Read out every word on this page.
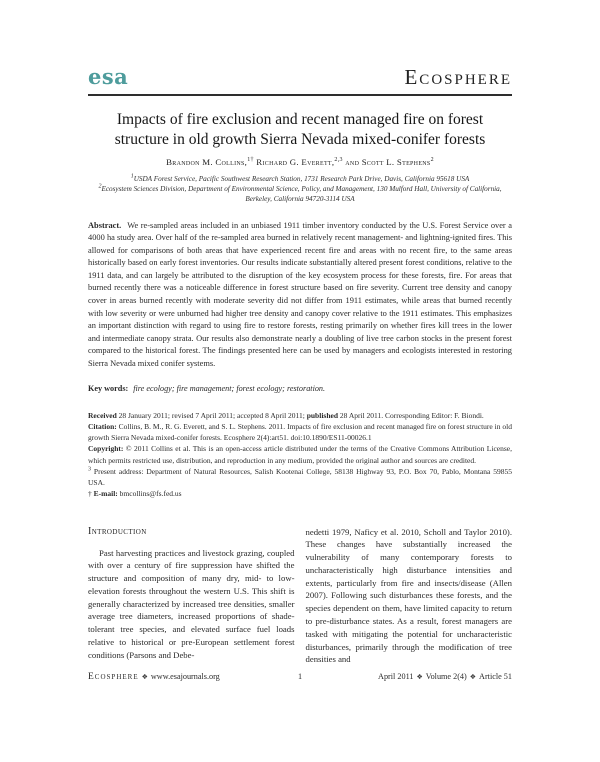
esa	Ecosphere
Impacts of fire exclusion and recent managed fire on forest structure in old growth Sierra Nevada mixed-conifer forests
Brandon M. Collins,$^{1\dagger}$ Richard G. Everett,$^{2,3}$ and Scott L. Stephens$^2$
$^1$USDA Forest Service, Pacific Southwest Research Station, 1731 Research Park Drive, Davis, California 95618 USA
$^2$Ecosystem Sciences Division, Department of Environmental Science, Policy, and Management, 130 Mulford Hall, University of California, Berkeley, California 94720-3114 USA

Abstract. We re-sampled areas included in an unbiased 1911 timber inventory conducted by the U.S. Forest Service over a 4000 ha study area. Over half of the re-sampled area burned in relatively recent management- and lightning-ignited fires. This allowed for comparisons of both areas that have experienced recent fire and areas with no recent fire, to the same areas historically based on early forest inventories. Our results indicate substantially altered present forest conditions, relative to the 1911 data, and can largely be attributed to the disruption of the key ecosystem process for these forests, fire. For areas that burned recently there was a noticeable difference in forest structure based on fire severity. Current tree density and canopy cover in areas burned recently with moderate severity did not differ from 1911 estimates, while areas that burned recently with low severity or were unburned had higher tree density and canopy cover relative to the 1911 estimates. This emphasizes an important distinction with regard to using fire to restore forests, resting primarily on whether fires kill trees in the lower and intermediate canopy strata. Our results also demonstrate nearly a doubling of live tree carbon stocks in the present forest compared to the historical forest. The findings presented here can be used by managers and ecologists interested in restoring Sierra Nevada mixed conifer systems.

Key words: fire ecology; fire management; forest ecology; restoration.

Received 28 January 2011; revised 7 April 2011; accepted 8 April 2011; published 28 April 2011. Corresponding Editor: F. Biondi.

Citation: Collins, B. M., R. G. Everett, and S. L. Stephens. 2011. Impacts of fire exclusion and recent managed fire on forest structure in old growth Sierra Nevada mixed-conifer forests. Ecosphere 2(4):art51. doi:10.1890/ES11-00026.1

Copyright: © 2011 Collins et al. This is an open-access article distributed under the terms of the Creative Commons Attribution License, which permits restricted use, distribution, and reproduction in any medium, provided the original author and sources are credited.

$^3$ Present address: Department of Natural Resources, Salish Kootenai College, 58138 Highway 93, P.O. Box 70, Pablo, Montana 59855 USA.

† E-mail: bmcollins@fs.fed.us

Introduction

Past harvesting practices and livestock grazing, coupled with over a century of fire suppression have shifted the structure and composition of many dry, mid- to low-elevation forests throughout the western U.S. This shift is generally characterized by increased tree densities, smaller average tree diameters, increased proportions of shade-tolerant tree species, and elevated surface fuel loads relative to historical or pre-European settlement forest conditions (Parsons and Debe-

nedetti 1979, Naficy et al. 2010, Scholl and Taylor 2010). These changes have substantially increased the vulnerability of many contemporary forests to uncharacteristically high disturbance intensities and extents, particularly from fire and insects/disease (Allen 2007). Following such disturbances these forests, and the species dependent on them, have limited capacity to return to pre-disturbance states. As a result, forest managers are tasked with mitigating the potential for uncharacteristic disturbances, primarily through the modification of tree densities and

Ecosphere ❖ www.esajournals.org	1	April 2011 ❖ Volume 2(4) ❖ Article 51
